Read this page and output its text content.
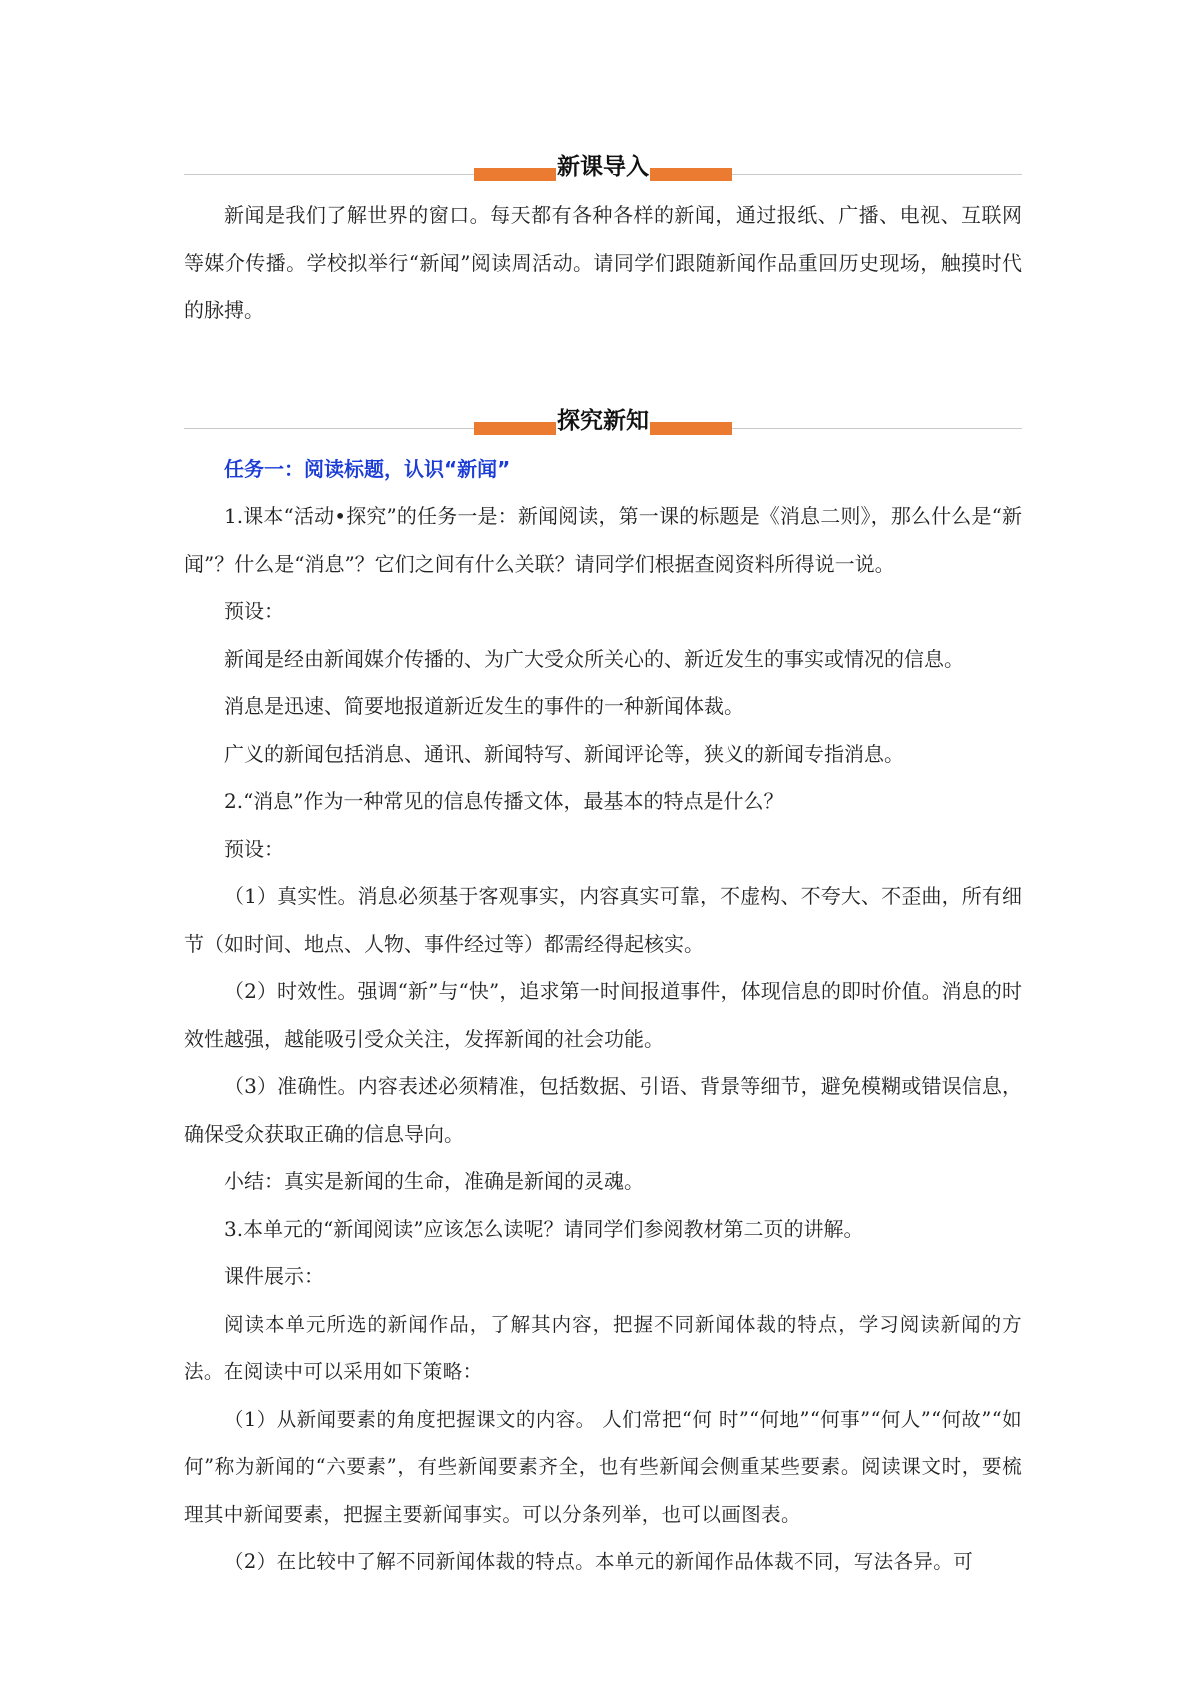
新课导入

新闻是我们了解世界的窗口。每天都有各种各样的新闻，通过报纸、广播、电视、互联网等媒介传播。学校拟举行“新闻”阅读周活动。请同学们跟随新闻作品重回历史现场，触摸时代的脉搏。

探究新知

任务一：阅读标题，认识“新闻”

1.课本“活动•探究”的任务一是：新闻阅读，第一课的标题是《消息二则》，那么什么是“新闻”？什么是“消息”？它们之间有什么关联？请同学们根据查阅资料所得说一说。

预设：

新闻是经由新闻媒介传播的、为广大受众所关心的、新近发生的事实或情况的信息。

消息是迅速、简要地报道新近发生的事件的一种新闻体裁。

广义的新闻包括消息、通讯、新闻特写、新闻评论等，狭义的新闻专指消息。

2.“消息”作为一种常见的信息传播文体，最基本的特点是什么？

预设：

（1）真实性。消息必须基于客观事实，内容真实可靠，不虚构、不夸大、不歪曲，所有细节（如时间、地点、人物、事件经过等）都需经得起核实。

（2）时效性。强调“新”与“快”，追求第一时间报道事件，体现信息的即时价值。消息的时效性越强，越能吸引受众关注，发挥新闻的社会功能。

（3）准确性。内容表述必须精准，包括数据、引语、背景等细节，避免模糊或错误信息，确保受众获取正确的信息导向。

小结：真实是新闻的生命，准确是新闻的灵魂。

3.本单元的“新闻阅读”应该怎么读呢？请同学们参阅教材第二页的讲解。

课件展示：

阅读本单元所选的新闻作品，了解其内容，把握不同新闻体裁的特点，学习阅读新闻的方法。在阅读中可以采用如下策略：

（1）从新闻要素的角度把握课文的内容。 人们常把“何 时”“何地”“何事”“何人”“何故”“如何”称为新闻的“六要素”，有些新闻要素齐全，也有些新闻会侧重某些要素。阅读课文时，要梳理其中新闻要素，把握主要新闻事实。可以分条列举，也可以画图表。

（2）在比较中了解不同新闻体裁的特点。本单元的新闻作品体裁不同，写法各异。可
